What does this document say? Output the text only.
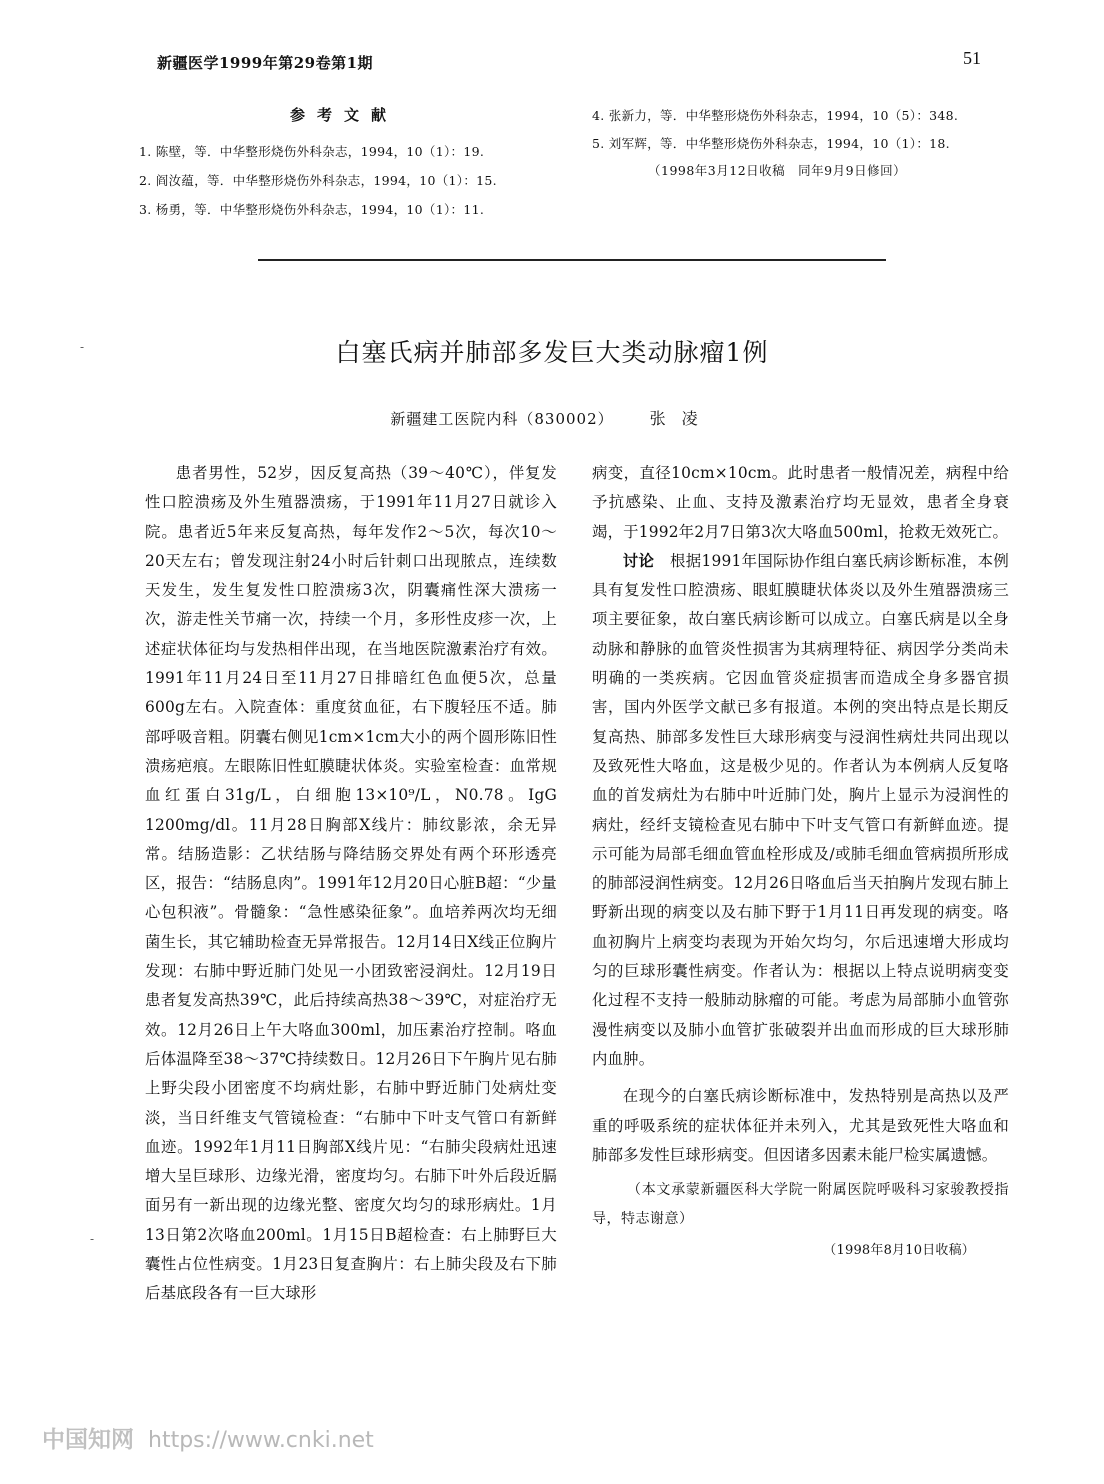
新疆医学1999年第29卷第1期	51
参考文献
1. 陈壁，等．中华整形烧伤外科杂志，1994，10（1）：19.
2. 阎汝蕴，等．中华整形烧伤外科杂志，1994，10（1）：15.
3. 杨勇，等．中华整形烧伤外科杂志，1994，10（1）：11.
4. 张新力，等．中华整形烧伤外科杂志，1994，10（5）：348.
5. 刘军辉，等．中华整形烧伤外科杂志，1994，10（1）：18.
（1998年3月12日收稿　同年9月9日修回）
白塞氏病并肺部多发巨大类动脉瘤1例
新疆建工医院内科（830002） 张凌

患者男性，52岁，因反复高热（39～40℃），伴复发性口腔溃疡及外生殖器溃疡，于1991年11月27日就诊入院。患者近5年来反复高热，每年发作2～5次，每次10～20天左右；曾发现注射24小时后针刺口出现脓点，连续数天发生，发生复发性口腔溃疡3次，阴囊痛性深大溃疡一次，游走性关节痛一次，持续一个月，多形性皮疹一次，上述症状体征均与发热相伴出现，在当地医院激素治疗有效。1991年11月24日至11月27日排暗红色血便5次，总量600g左右。入院查体：重度贫血征，右下腹轻压不适。肺部呼吸音粗。阴囊右侧见1cm×1cm大小的两个圆形陈旧性溃疡疤痕。左眼陈旧性虹膜睫状体炎。实验室检查：血常规血红蛋白31g/L，白细胞13×10⁹/L，N0.78。IgG 1200mg/dl。11月28日胸部X线片：肺纹影浓，余无异常。结肠造影：乙状结肠与降结肠交界处有两个环形透亮区，报告：“结肠息肉”。1991年12月20日心脏B超：“少量心包积液”。骨髓象：“急性感染征象”。血培养两次均无细菌生长，其它辅助检查无异常报告。12月14日X线正位胸片发现：右肺中野近肺门处见一小团致密浸润灶。12月19日患者复发高热39℃，此后持续高热38～39℃，对症治疗无效。12月26日上午大咯血300ml，加压素治疗控制。咯血后体温降至38～37℃持续数日。12月26日下午胸片见右肺上野尖段小团密度不均病灶影，右肺中野近肺门处病灶变淡，当日纤维支气管镜检查：“右肺中下叶支气管口有新鲜血迹。1992年1月11日胸部X线片见：“右肺尖段病灶迅速增大呈巨球形、边缘光滑，密度均匀。右肺下叶外后段近膈面另有一新出现的边缘光整、密度欠均匀的球形病灶。1月13日第2次咯血200ml。1月15日B超检查：右上肺野巨大囊性占位性病变。1月23日复查胸片：右上肺尖段及右下肺后基底段各有一巨大球形

病变，直径10cm×10cm。此时患者一般情况差，病程中给予抗感染、止血、支持及激素治疗均无显效，患者全身衰竭，于1992年2月7日第3次大咯血500ml，抢救无效死亡。

讨论　 根据1991年国际协作组白塞氏病诊断标准，本例具有复发性口腔溃疡、眼虹膜睫状体炎以及外生殖器溃疡三项主要征象，故白塞氏病诊断可以成立。白塞氏病是以全身动脉和静脉的血管炎性损害为其病理特征、病因学分类尚未明确的一类疾病。它因血管炎症损害而造成全身多器官损害，国内外医学文献已多有报道。本例的突出特点是长期反复高热、肺部多发性巨大球形病变与浸润性病灶共同出现以及致死性大咯血，这是极少见的。作者认为本例病人反复咯血的首发病灶为右肺中叶近肺门处，胸片上显示为浸润性的病灶，经纤支镜检查见右肺中下叶支气管口有新鲜血迹。提示可能为局部毛细血管血栓形成及/或肺毛细血管病损所形成的肺部浸润性病变。12月26日咯血后当天拍胸片发现右肺上野新出现的病变以及右肺下野于1月11日再发现的病变。咯血初胸片上病变均表现为开始欠均匀，尔后迅速增大形成均匀的巨球形囊性病变。作者认为：根据以上特点说明病变变化过程不支持一般肺动脉瘤的可能。考虑为局部肺小血管弥漫性病变以及肺小血管扩张破裂并出血而形成的巨大球形肺内血肿。

在现今的白塞氏病诊断标准中，发热特别是高热以及严重的呼吸系统的症状体征并未列入，尤其是致死性大咯血和肺部多发性巨球形病变。但因诸多因素未能尸检实属遗憾。

（本文承蒙新疆医科大学院一附属医院呼吸科习家骏教授指导，特志谢意）
（1998年8月10日收稿）
-
-
中国知网 https://www.cnki.net
